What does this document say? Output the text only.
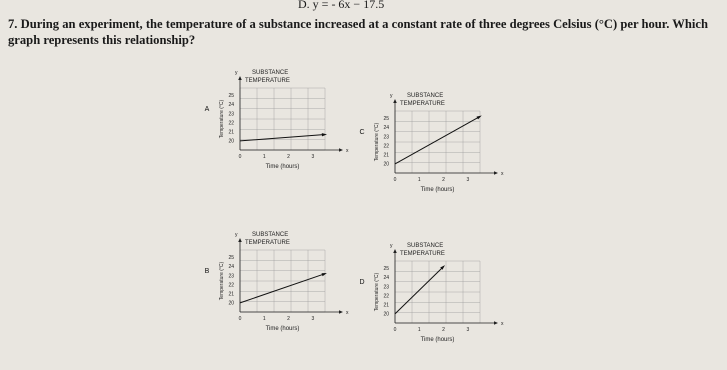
D. y = - 6x − 17.5
7. During an experiment, the temperature of a substance increased at a constant rate of three degrees Celsius (°C) per hour. Which graph represents this relationship?
x
y SUBSTANCE
TEMPERATURE
20
21
22
23
24
25
0	1	2	3
Time (hours)
Temperature (°C)
A
x
y SUBSTANCE
TEMPERATURE
20
21
22
23
24
25
0	1	2	3
Time (hours)
Temperature (°C)
C
x
y SUBSTANCE
TEMPERATURE
20
21
22
23
24
25
0	1	2	3
Time (hours)
Temperature (°C)
B
x
y SUBSTANCE
TEMPERATURE
20
21
22
23
24
25
0	1	2	3
Time (hours)
Temperature (°C)
D
